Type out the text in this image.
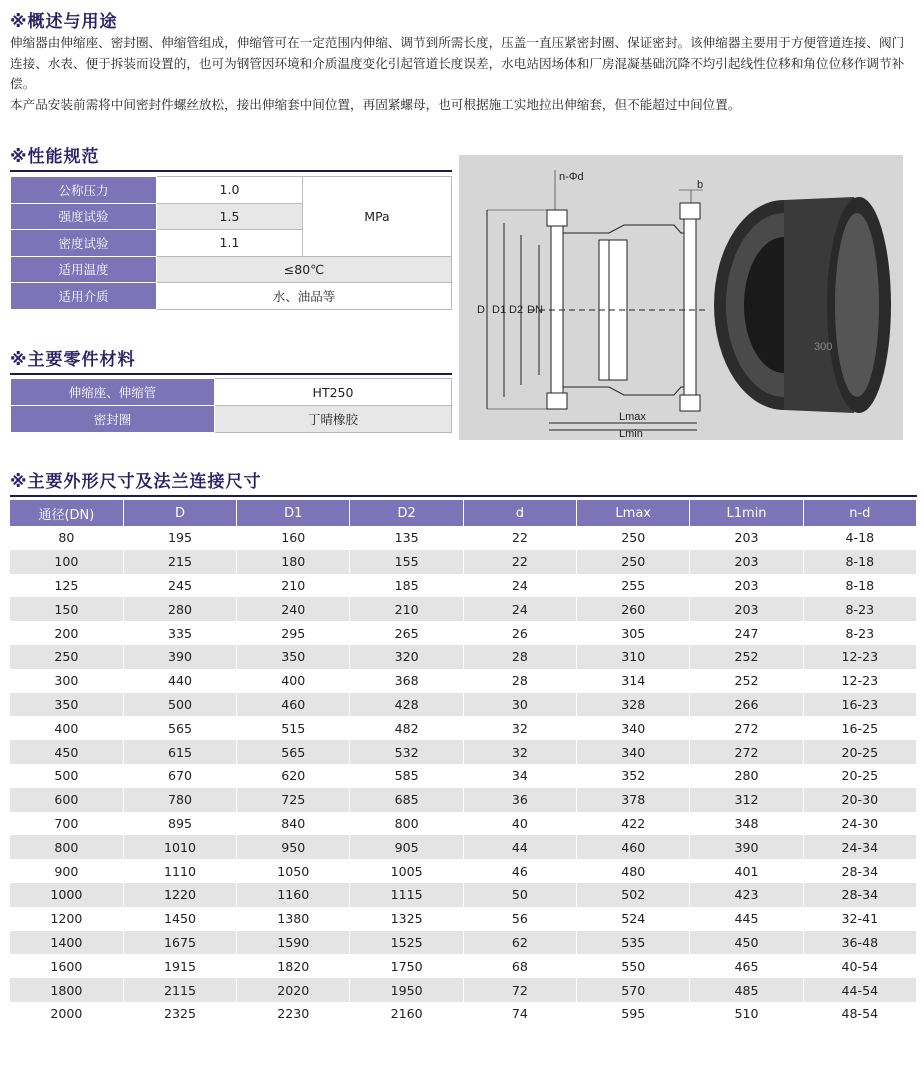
※概述与用途

伸缩器由伸缩座、密封圈、伸缩管组成，伸缩管可在一定范围内伸缩、调节到所需长度，压盖一直压紧密封圈、保证密封。该伸缩器主要用于方便管道连接、阀门连接、水表、便于拆装而设置的，也可为钢管因环境和介质温度变化引起管道长度误差，水电站因场体和厂房混凝基础沉降不均引起线性位移和角位位移作调节补偿。

本产品安装前需将中间密封件螺丝放松，接出伸缩套中间位置，再固紧螺母，也可根据施工实地拉出伸缩套，但不能超过中间位置。

※性能规范
公称压力	1.0	MPa
强度试验	1.5	
密度试验	1.1	
适用温度	≤80℃	
适用介质	水、油品等	
※主要零件材料
伸缩座、伸缩管	HT250
密封圈	丁晴橡胶
D D1 D2 DN
n-Φd
b
Lmax
Lmin
300
※主要外形尺寸及法兰连接尺寸
通径(DN)	D	D1	D2	d	Lmax	L1min	n-d
80	195	160	135	22	250	203	4-18
100	215	180	155	22	250	203	8-18
125	245	210	185	24	255	203	8-18
150	280	240	210	24	260	203	8-23
200	335	295	265	26	305	247	8-23
250	390	350	320	28	310	252	12-23
300	440	400	368	28	314	252	12-23
350	500	460	428	30	328	266	16-23
400	565	515	482	32	340	272	16-25
450	615	565	532	32	340	272	20-25
500	670	620	585	34	352	280	20-25
600	780	725	685	36	378	312	20-30
700	895	840	800	40	422	348	24-30
800	1010	950	905	44	460	390	24-34
900	1110	1050	1005	46	480	401	28-34
1000	1220	1160	1115	50	502	423	28-34
1200	1450	1380	1325	56	524	445	32-41
1400	1675	1590	1525	62	535	450	36-48
1600	1915	1820	1750	68	550	465	40-54
1800	2115	2020	1950	72	570	485	44-54
2000	2325	2230	2160	74	595	510	48-54
